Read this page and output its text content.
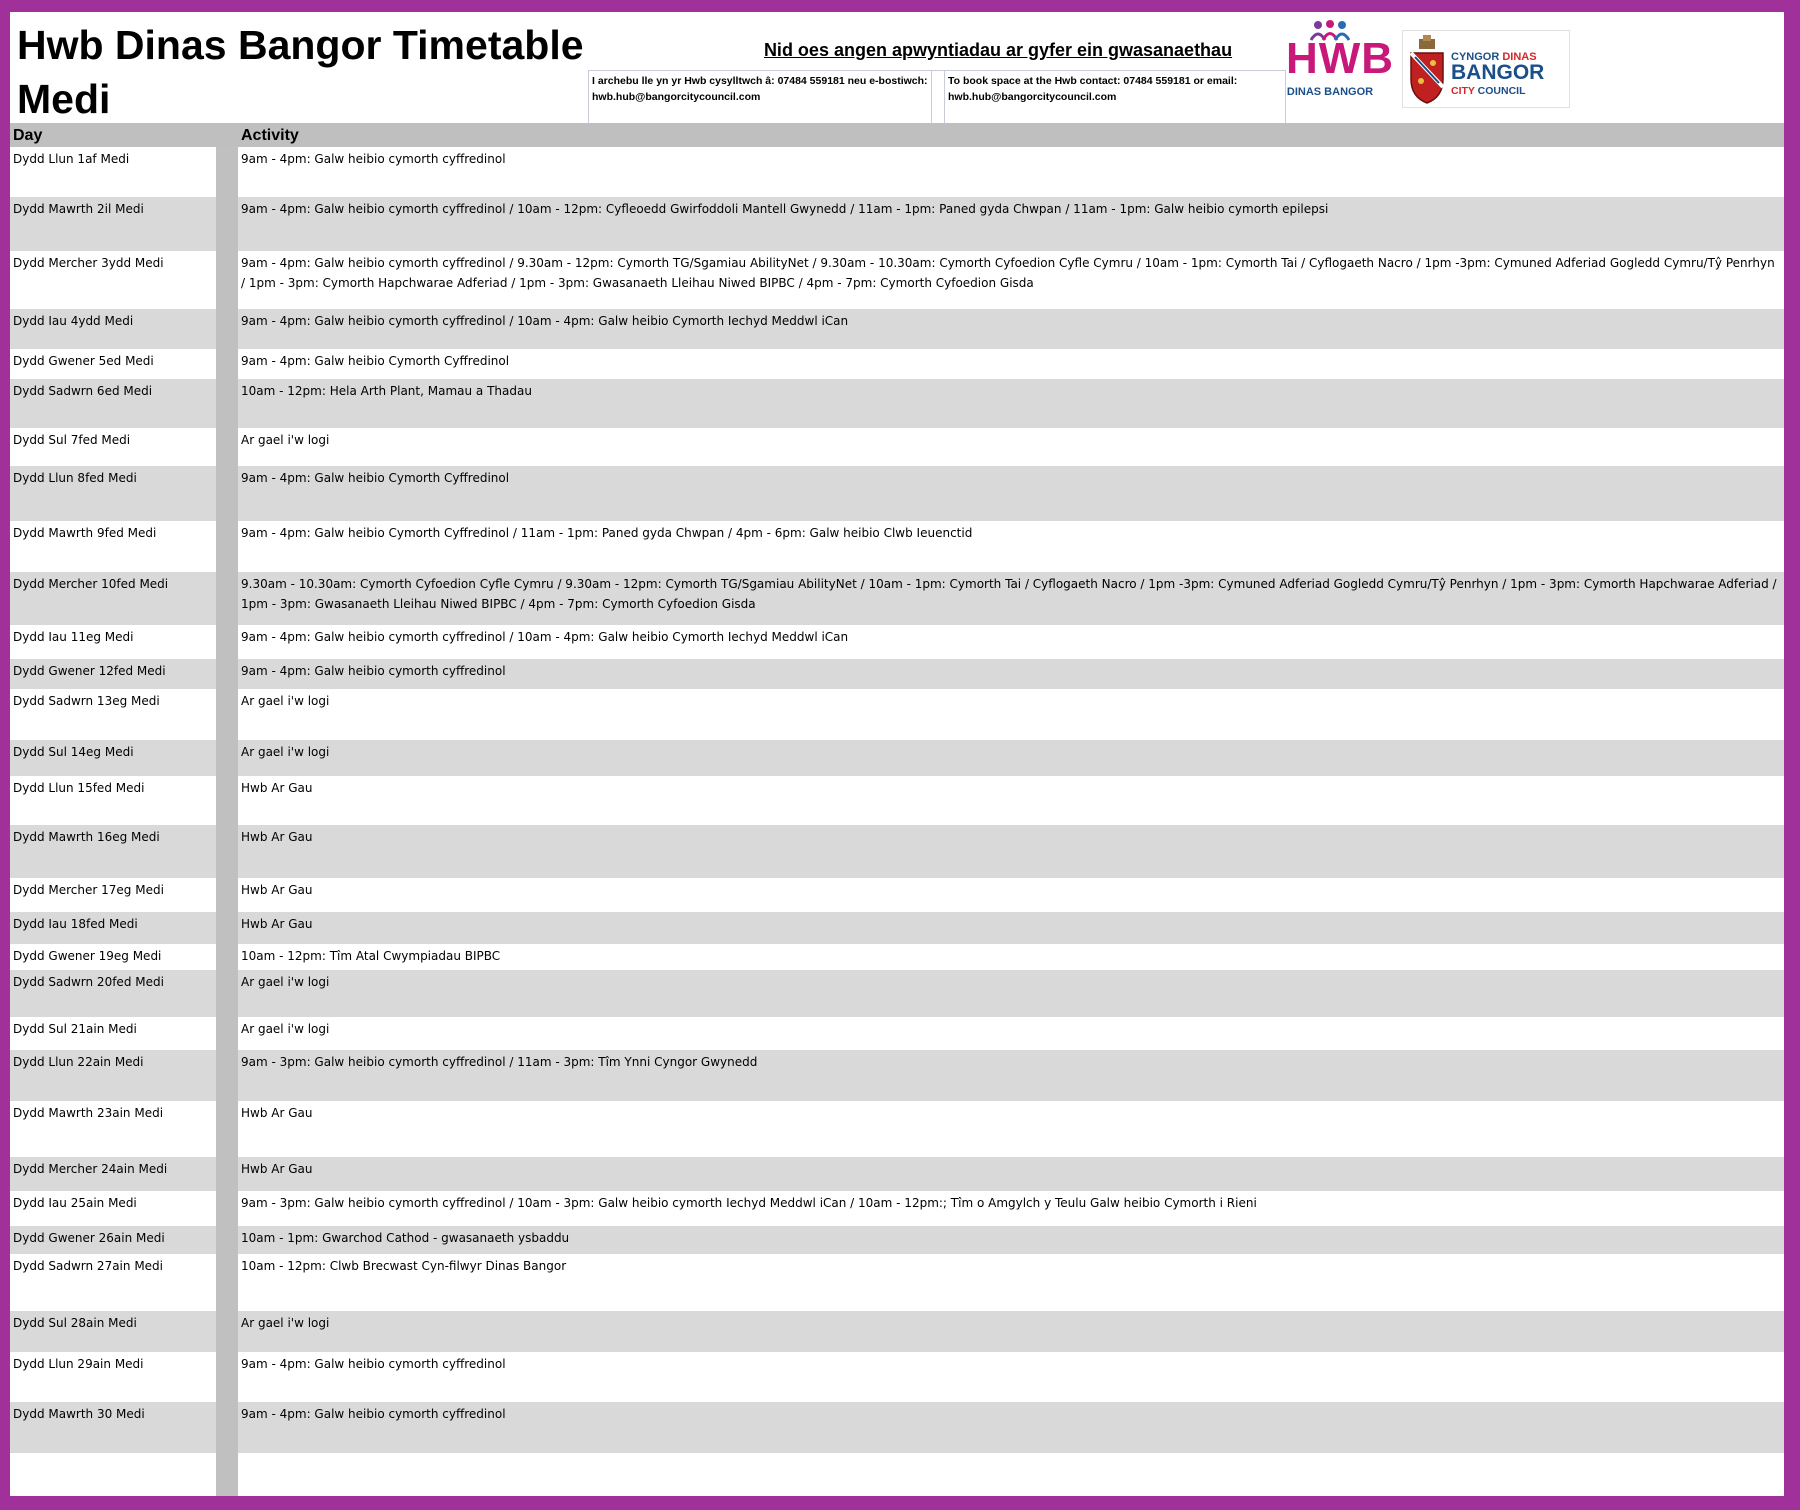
Hwb Dinas Bangor Timetable
Medi
Nid oes angen apwyntiadau ar gyfer ein gwasanaethau
I archebu lle yn yr Hwb cysylltwch â: 07484 559181 neu e-bostiwch: hwb.hub@bangorcitycouncil.com
To book space at the Hwb contact: 07484 559181 or email: hwb.hub@bangorcitycouncil.com
HWB
DINAS BANGOR
CYNGOR DINAS
BANGOR
CITY COUNCIL
Day	Activity
Dydd Llun 1af Medi	9am - 4pm: Galw heibio cymorth cyffredinol
Dydd Mawrth 2il Medi	9am - 4pm: Galw heibio cymorth cyffredinol / 10am - 12pm: Cyfleoedd Gwirfoddoli Mantell Gwynedd / 11am - 1pm: Paned gyda Chwpan / 11am - 1pm: Galw heibio cymorth epilepsi
Dydd Mercher 3ydd Medi	9am - 4pm: Galw heibio cymorth cyffredinol / 9.30am - 12pm: Cymorth TG/Sgamiau AbilityNet / 9.30am - 10.30am: Cymorth Cyfoedion Cyfle Cymru / 10am - 1pm: Cymorth Tai / Cyflogaeth Nacro / 1pm -3pm: Cymuned Adferiad Gogledd Cymru/Tŷ Penrhyn / 1pm - 3pm: Cymorth Hapchwarae Adferiad / 1pm - 3pm: Gwasanaeth Lleihau Niwed BIPBC / 4pm - 7pm: Cymorth Cyfoedion Gisda
Dydd Iau 4ydd Medi	9am - 4pm: Galw heibio cymorth cyffredinol / 10am - 4pm: Galw heibio Cymorth Iechyd Meddwl iCan
Dydd Gwener 5ed Medi	9am - 4pm: Galw heibio Cymorth Cyffredinol
Dydd Sadwrn 6ed Medi	10am - 12pm: Hela Arth Plant, Mamau a Thadau
Dydd Sul 7fed Medi	Ar gael i'w logi
Dydd Llun 8fed Medi	9am - 4pm: Galw heibio Cymorth Cyffredinol
Dydd Mawrth 9fed Medi	9am - 4pm: Galw heibio Cymorth Cyffredinol / 11am - 1pm: Paned gyda Chwpan / 4pm - 6pm: Galw heibio Clwb Ieuenctid
Dydd Mercher 10fed Medi	9.30am - 10.30am: Cymorth Cyfoedion Cyfle Cymru / 9.30am - 12pm: Cymorth TG/Sgamiau AbilityNet / 10am - 1pm: Cymorth Tai / Cyflogaeth Nacro / 1pm -3pm: Cymuned Adferiad Gogledd Cymru/Tŷ Penrhyn / 1pm - 3pm: Cymorth Hapchwarae Adferiad / 1pm - 3pm: Gwasanaeth Lleihau Niwed BIPBC / 4pm - 7pm: Cymorth Cyfoedion Gisda
Dydd Iau 11eg Medi	9am - 4pm: Galw heibio cymorth cyffredinol / 10am - 4pm: Galw heibio Cymorth Iechyd Meddwl iCan
Dydd Gwener 12fed Medi	9am - 4pm: Galw heibio cymorth cyffredinol
Dydd Sadwrn 13eg Medi	Ar gael i'w logi
Dydd Sul 14eg Medi	Ar gael i'w logi
Dydd Llun 15fed Medi	Hwb Ar Gau
Dydd Mawrth 16eg Medi	Hwb Ar Gau
Dydd Mercher 17eg Medi	Hwb Ar Gau
Dydd Iau 18fed Medi	Hwb Ar Gau
Dydd Gwener 19eg Medi	10am - 12pm: Tîm Atal Cwympiadau BIPBC
Dydd Sadwrn 20fed Medi	Ar gael i'w logi
Dydd Sul 21ain Medi	Ar gael i'w logi
Dydd Llun 22ain Medi	9am - 3pm: Galw heibio cymorth cyffredinol / 11am - 3pm: Tîm Ynni Cyngor Gwynedd
Dydd Mawrth 23ain Medi	Hwb Ar Gau
Dydd Mercher 24ain Medi	Hwb Ar Gau
Dydd Iau 25ain Medi	9am - 3pm: Galw heibio cymorth cyffredinol / 10am - 3pm: Galw heibio cymorth Iechyd Meddwl iCan / 10am - 12pm:; Tîm o Amgylch y Teulu Galw heibio Cymorth i Rieni
Dydd Gwener 26ain Medi	10am - 1pm: Gwarchod Cathod - gwasanaeth ysbaddu
Dydd Sadwrn 27ain Medi	10am - 12pm: Clwb Brecwast Cyn-filwyr Dinas Bangor
Dydd Sul 28ain Medi	Ar gael i'w logi
Dydd Llun 29ain Medi	9am - 4pm: Galw heibio cymorth cyffredinol
Dydd Mawrth 30 Medi	9am - 4pm: Galw heibio cymorth cyffredinol
